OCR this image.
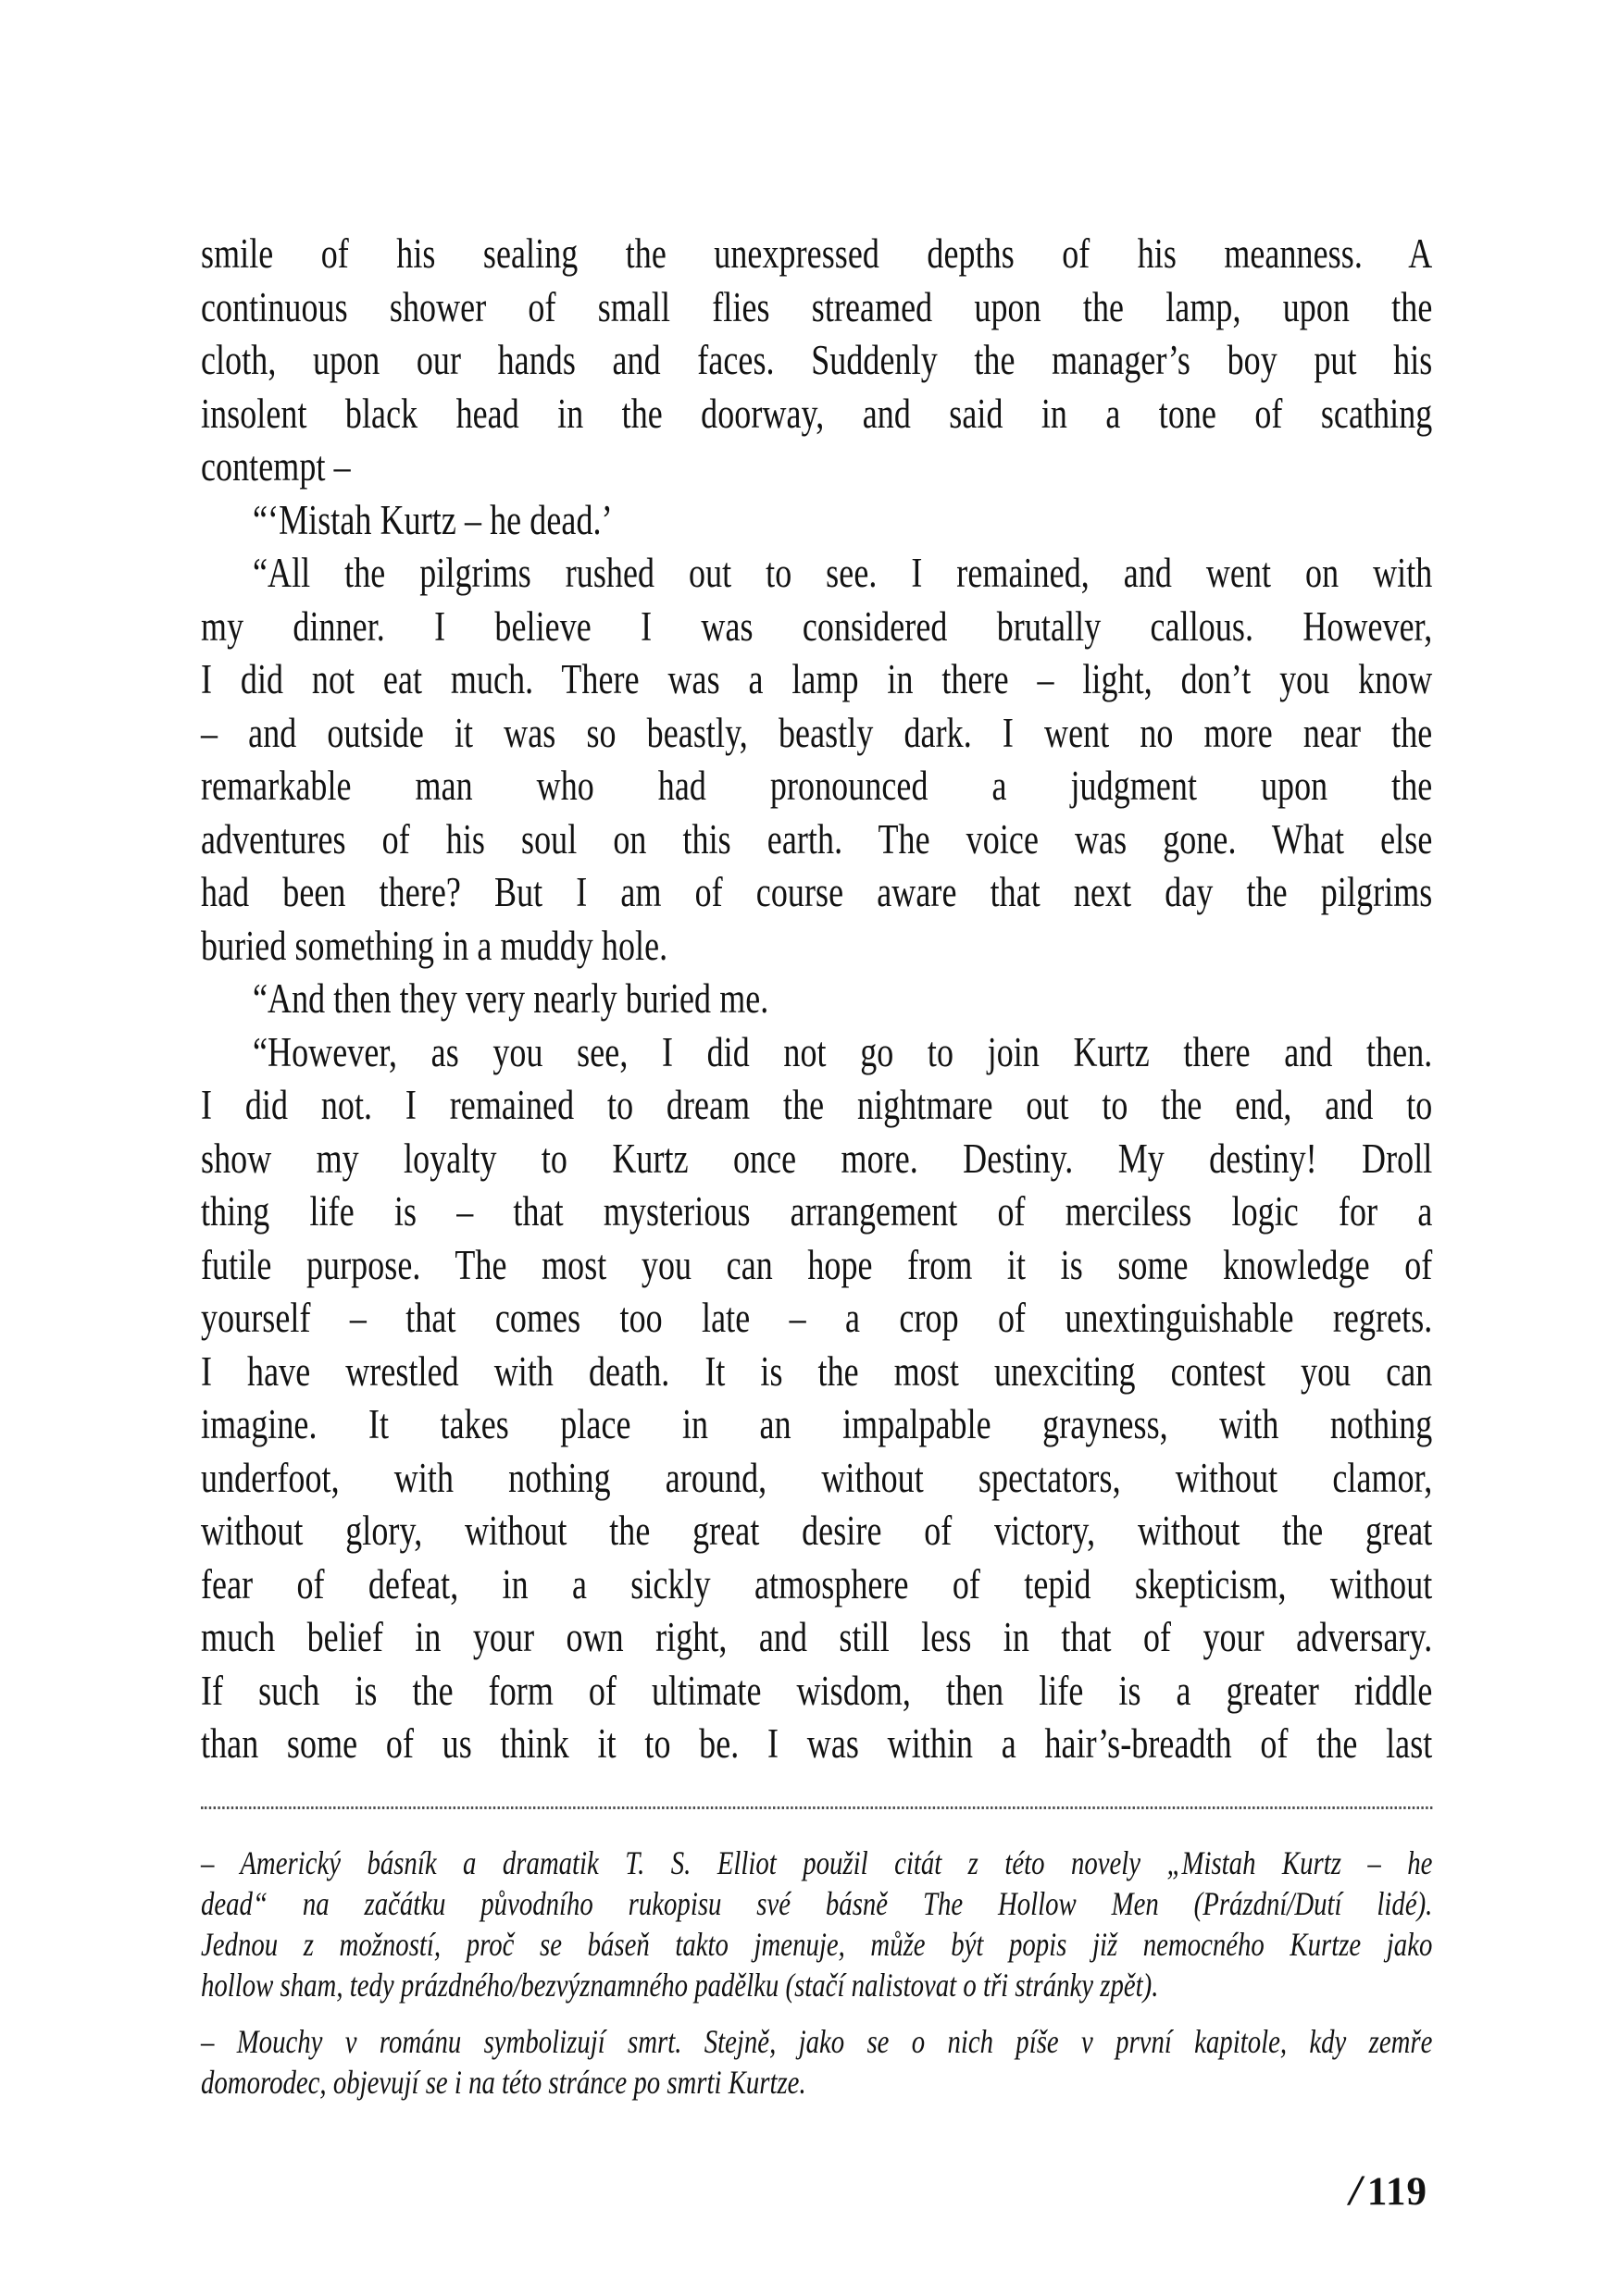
smile of his sealing the unexpressed depths of his meanness. A
continuous shower of small flies streamed upon the lamp, upon the
cloth, upon our hands and faces. Suddenly the manager’s boy put his
insolent black head in the doorway, and said in a tone of scathing
contempt –
“‘Mistah Kurtz – he dead.’
“All the pilgrims rushed out to see. I remained, and went on with
my dinner. I believe I was considered brutally callous. However,
I did not eat much. There was a lamp in there – light, don’t you know
– and outside it was so beastly, beastly dark. I went no more near the
remarkable man who had pronounced a judgment upon the
adventures of his soul on this earth. The voice was gone. What else
had been there? But I am of course aware that next day the pilgrims
buried something in a muddy hole.
“And then they very nearly buried me.
“However, as you see, I did not go to join Kurtz there and then.
I did not. I remained to dream the nightmare out to the end, and to
show my loyalty to Kurtz once more. Destiny. My destiny! Droll
thing life is – that mysterious arrangement of merciless logic for a
futile purpose. The most you can hope from it is some knowledge of
yourself – that comes too late – a crop of unextinguishable regrets.
I have wrestled with death. It is the most unexciting contest you can
imagine. It takes place in an impalpable grayness, with nothing
underfoot, with nothing around, without spectators, without clamor,
without glory, without the great desire of victory, without the great
fear of defeat, in a sickly atmosphere of tepid skepticism, without
much belief in your own right, and still less in that of your adversary.
If such is the form of ultimate wisdom, then life is a greater riddle
than some of us think it to be. I was within a hair’s-breadth of the last
– Americký básník a dramatik T. S. Elliot použil citát z této novely „Mistah Kurtz – he
dead“ na začátku původního rukopisu své básně The Hollow Men (Prázdní/Dutí lidé).
Jednou z možností, proč se báseň takto jmenuje, může být popis již nemocného Kurtze jako
hollow sham, tedy prázdného/bezvýznamného padělku (stačí nalistovat o tři stránky zpět).
– Mouchy v románu symbolizují smrt. Stejně, jako se o nich píše v první kapitole, kdy zemře
domorodec, objevují se i na této stránce po smrti Kurtze.
/ 119
